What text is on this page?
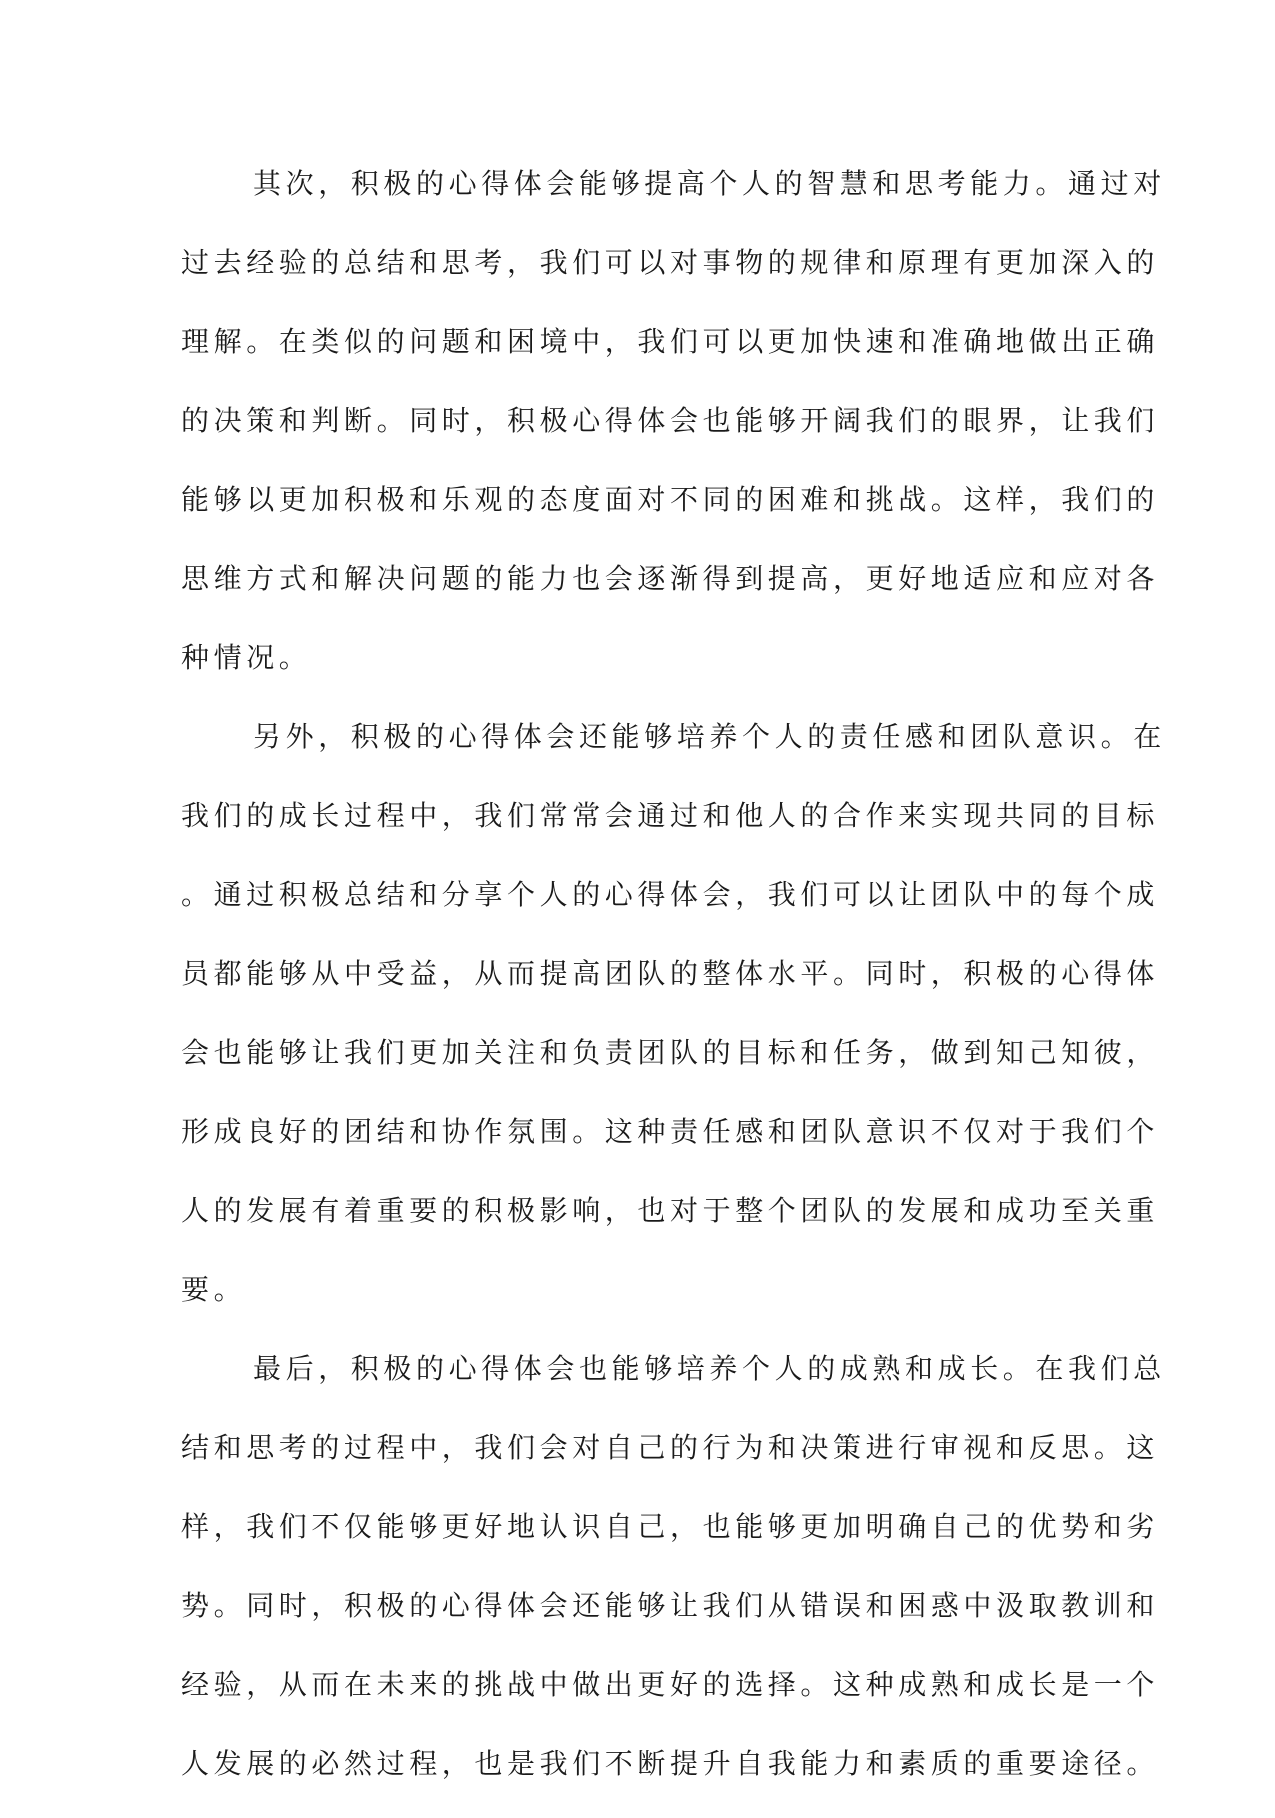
其次，积极的心得体会能够提高个人的智慧和思考能力。通过对
过去经验的总结和思考，我们可以对事物的规律和原理有更加深入的
理解。在类似的问题和困境中，我们可以更加快速和准确地做出正确
的决策和判断。同时，积极心得体会也能够开阔我们的眼界，让我们
能够以更加积极和乐观的态度面对不同的困难和挑战。这样，我们的
思维方式和解决问题的能力也会逐渐得到提高，更好地适应和应对各
种情况。
另外，积极的心得体会还能够培养个人的责任感和团队意识。在
我们的成长过程中，我们常常会通过和他人的合作来实现共同的目标
。通过积极总结和分享个人的心得体会，我们可以让团队中的每个成
员都能够从中受益，从而提高团队的整体水平。同时，积极的心得体
会也能够让我们更加关注和负责团队的目标和任务，做到知己知彼，
形成良好的团结和协作氛围。这种责任感和团队意识不仅对于我们个
人的发展有着重要的积极影响，也对于整个团队的发展和成功至关重
要。
最后，积极的心得体会也能够培养个人的成熟和成长。在我们总
结和思考的过程中，我们会对自己的行为和决策进行审视和反思。这
样，我们不仅能够更好地认识自己，也能够更加明确自己的优势和劣
势。同时，积极的心得体会还能够让我们从错误和困惑中汲取教训和
经验，从而在未来的挑战中做出更好的选择。这种成熟和成长是一个
人发展的必然过程，也是我们不断提升自我能力和素质的重要途径。
